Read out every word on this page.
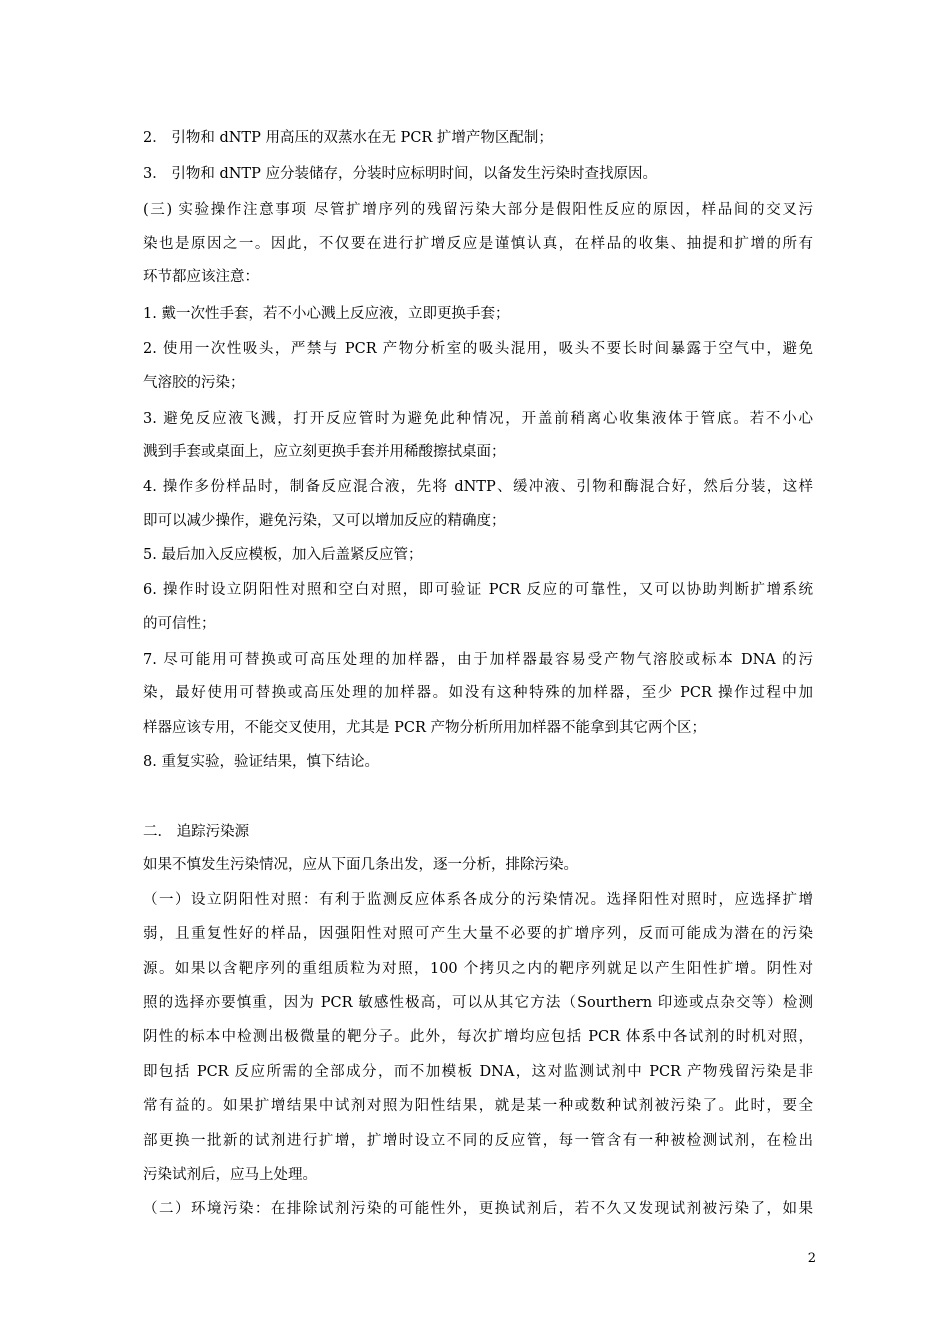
2． 引物和 dNTP 用高压的双蒸水在无 PCR 扩增产物区配制；
3． 引物和 dNTP 应分装储存，分装时应标明时间，以备发生污染时查找原因。
(三) 实验操作注意事项 尽管扩增序列的残留污染大部分是假阳性反应的原因，样品间的交叉污
染也是原因之一。因此，不仅要在进行扩增反应是谨慎认真，在样品的收集、抽提和扩增的所有
环节都应该注意：
1. 戴一次性手套，若不小心溅上反应液，立即更换手套；
2. 使用一次性吸头，严禁与 PCR 产物分析室的吸头混用，吸头不要长时间暴露于空气中，避免
气溶胶的污染；
3. 避免反应液飞溅，打开反应管时为避免此种情况，开盖前稍离心收集液体于管底。若不小心
溅到手套或桌面上，应立刻更换手套并用稀酸擦拭桌面；
4. 操作多份样品时，制备反应混合液，先将 dNTP、缓冲液、引物和酶混合好，然后分装，这样
即可以减少操作，避免污染，又可以增加反应的精确度；
5. 最后加入反应模板，加入后盖紧反应管；
6. 操作时设立阴阳性对照和空白对照，即可验证 PCR 反应的可靠性，又可以协助判断扩增系统
的可信性；
7. 尽可能用可替换或可高压处理的加样器，由于加样器最容易受产物气溶胶或标本 DNA 的污
染，最好使用可替换或高压处理的加样器。如没有这种特殊的加样器，至少 PCR 操作过程中加
样器应该专用，不能交叉使用，尤其是 PCR 产物分析所用加样器不能拿到其它两个区；
8. 重复实验，验证结果，慎下结论。
二． 追踪污染源
如果不慎发生污染情况，应从下面几条出发，逐一分析，排除污染。
（一）设立阴阳性对照：有利于监测反应体系各成分的污染情况。选择阳性对照时，应选择扩增
弱，且重复性好的样品，因强阳性对照可产生大量不必要的扩增序列，反而可能成为潜在的污染
源。如果以含靶序列的重组质粒为对照，100 个拷贝之内的靶序列就足以产生阳性扩增。阴性对
照的选择亦要慎重，因为 PCR 敏感性极高，可以从其它方法（Sourthern 印迹或点杂交等）检测
阴性的标本中检测出极微量的靶分子。此外，每次扩增均应包括 PCR 体系中各试剂的时机对照，
即包括 PCR 反应所需的全部成分，而不加模板 DNA，这对监测试剂中 PCR 产物残留污染是非
常有益的。如果扩增结果中试剂对照为阳性结果，就是某一种或数种试剂被污染了。此时，要全
部更换一批新的试剂进行扩增，扩增时设立不同的反应管，每一管含有一种被检测试剂，在检出
污染试剂后，应马上处理。
（二）环境污染：在排除试剂污染的可能性外，更换试剂后，若不久又发现试剂被污染了，如果
2
